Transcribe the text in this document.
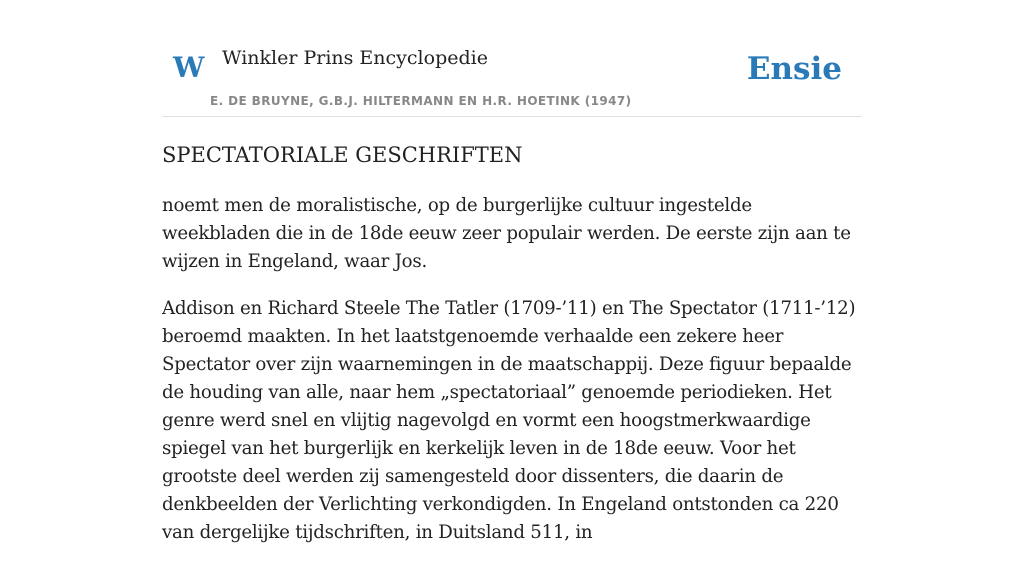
W Winkler Prins Encyclopedie	Ensie
E. DE BRUYNE, G.B.J. HILTERMANN EN H.R. HOETINK (1947)
SPECTATORIALE GESCHRIFTEN

noemt men de moralistische, op de burgerlijke cultuur ingestelde weekbladen die in de 18de eeuw zeer populair werden. De eerste zijn aan te wijzen in Engeland, waar Jos.

Addison en Richard Steele The Tatler (1709-’11) en The Spectator (1711-’12) beroemd maakten. In het laatstgenoemde verhaalde een zekere heer Spectator over zijn waarnemingen in de maatschappij. Deze figuur bepaalde de houding van alle, naar hem „spectatoriaal” genoemde periodieken. Het genre werd snel en vlijtig nagevolgd en vormt een hoogstmerkwaardige spiegel van het burgerlijk en kerkelijk leven in de 18de eeuw. Voor het grootste deel werden zij samengesteld door dissenters, die daarin de denkbeelden der Verlichting verkondigden. In Engeland ontstonden ca 220 van dergelijke tijdschriften, in Duitsland 511, in
